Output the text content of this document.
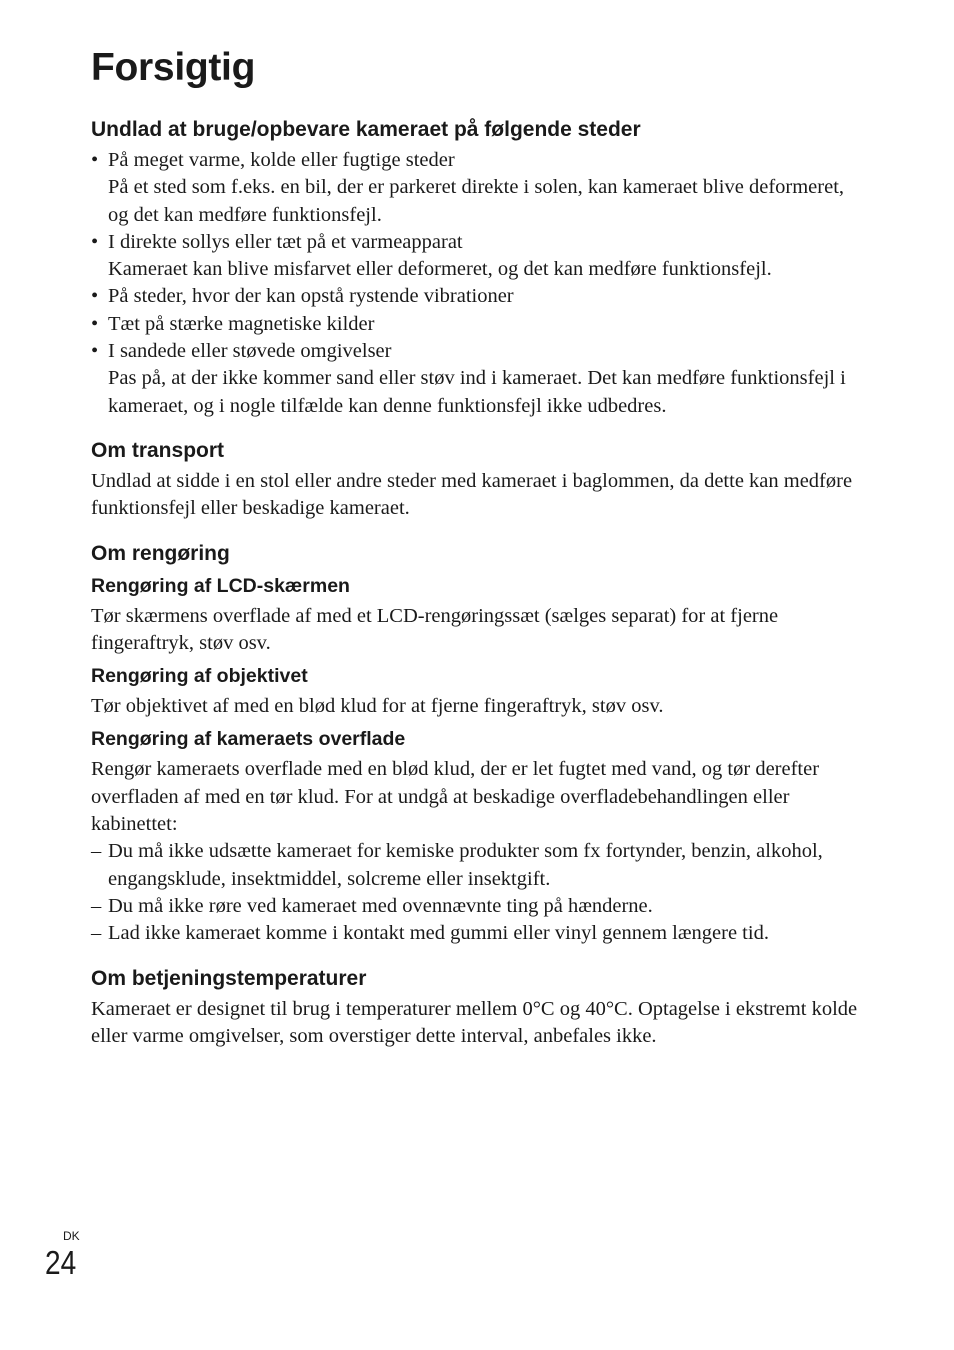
Forsigtig
Undlad at bruge/opbevare kameraet på følgende steder
• På meget varme, kolde eller fugtige steder
På et sted som f.eks. en bil, der er parkeret direkte i solen, kan kameraet blive deformeret, og det kan medføre funktionsfejl.
• I direkte sollys eller tæt på et varmeapparat
Kameraet kan blive misfarvet eller deformeret, og det kan medføre funktionsfejl.
• På steder, hvor der kan opstå rystende vibrationer
• Tæt på stærke magnetiske kilder
• I sandede eller støvede omgivelser
Pas på, at der ikke kommer sand eller støv ind i kameraet. Det kan medføre funktionsfejl i kameraet, og i nogle tilfælde kan denne funktionsfejl ikke udbedres.
Om transport

Undlad at sidde i en stol eller andre steder med kameraet i baglommen, da dette kan medføre funktionsfejl eller beskadige kameraet.

Om rengøring
Rengøring af LCD-skærmen

Tør skærmens overflade af med et LCD-rengøringssæt (sælges separat) for at fjerne fingeraftryk, støv osv.

Rengøring af objektivet

Tør objektivet af med en blød klud for at fjerne fingeraftryk, støv osv.

Rengøring af kameraets overflade

Rengør kameraets overflade med en blød klud, der er let fugtet med vand, og tør derefter overfladen af med en tør klud. For at undgå at beskadige overfladebehandlingen eller kabinettet:

– Du må ikke udsætte kameraet for kemiske produkter som fx fortynder, benzin, alkohol, engangsklude, insektmiddel, solcreme eller insektgift.
– Du må ikke røre ved kameraet med ovennævnte ting på hænderne.
– Lad ikke kameraet komme i kontakt med gummi eller vinyl gennem længere tid.
Om betjeningstemperaturer

Kameraet er designet til brug i temperaturer mellem 0°C og 40°C. Optagelse i ekstremt kolde eller varme omgivelser, som overstiger dette interval, anbefales ikke.

DK
24
